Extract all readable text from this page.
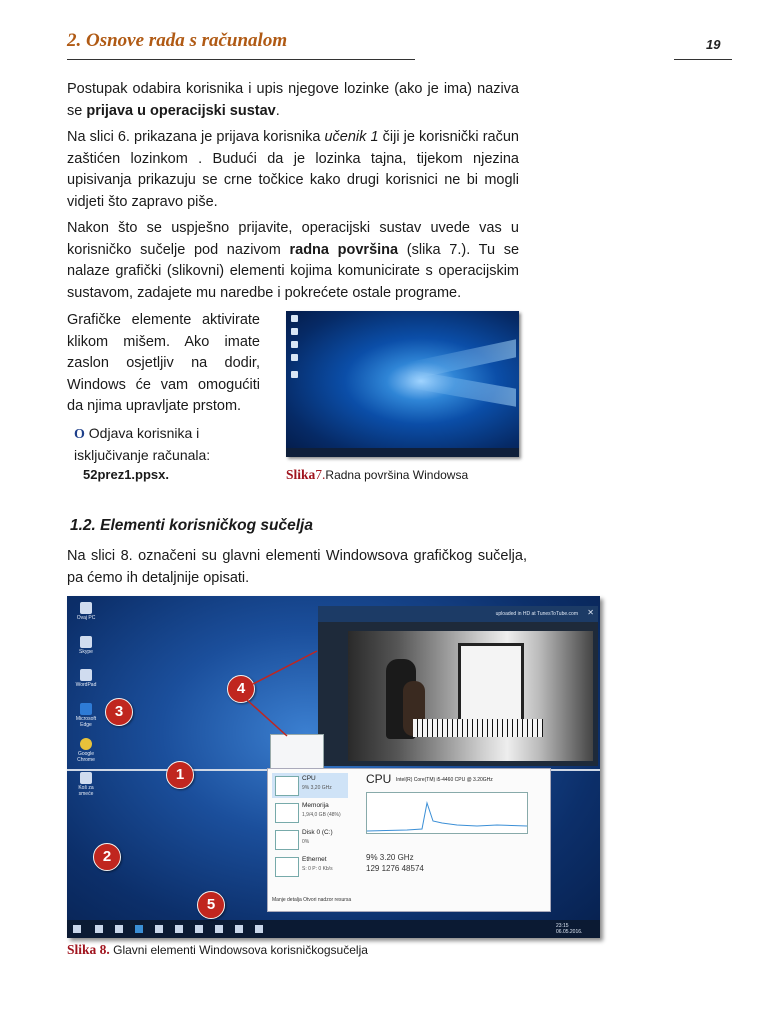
2. Osnove rada s računalom	19

Postupak odabira korisnika i upis njegove lozinke (ako je ima) naziva se prijava u operacijski sustav.

Na slici 6. prikazana je prijava korisnika učenik 1 čiji je korisnički račun zaštićen lozinkom . Budući da je lozinka tajna, tijekom njezina upisivanja prikazuju se crne točkice kako drugi korisnici ne bi mogli vidjeti što zapravo piše.

Nakon što se uspješno prijavite, operacijski sustav uvede vas u korisničko sučelje pod nazivom radna površina (slika 7.). Tu se nalaze grafički (slikovni) elementi kojima komunicirate s operacijskim sustavom, zadajete mu naredbe i pokrećete ostale programe.

Grafičke elemente aktivirate klikom mišem. Ako imate zaslon osjetljiv na dodir, Windows će vam omogućiti da njima upravljate prstom.

O Odjava korisnika i isključivanje računala:
52prez1.ppsx.	Slika7.Radna površina Windowsa
1.2. Elementi korisničkog sučelja

Na slici 8. označeni su glavni elementi Windowsova grafičkog sučelja, pa ćemo ih detaljnije opisati.

Ovaj PC
Skype
WordPad
Microsoft Edge
Google Chrome
Koš za smeće
uploaded in HD at TunesToTube.com ✕
CPU
9% 3,20 GHz
Memorija
1,9/4,0 GB (48%)
Disk 0 (C:)
0%
Ethernet
S: 0 P: 0 Kb/s
CPU Intel(R) Core(TM) i5-4460 CPU @ 3.20GHz
9% 3.20 GHz
129 1276 48574
Manje detalja Otvori nadzor resursa
23:15 06.05.2016.
1
2
3
4
5
Slika 8. Glavni elementi Windowsova korisničkogsučelja
